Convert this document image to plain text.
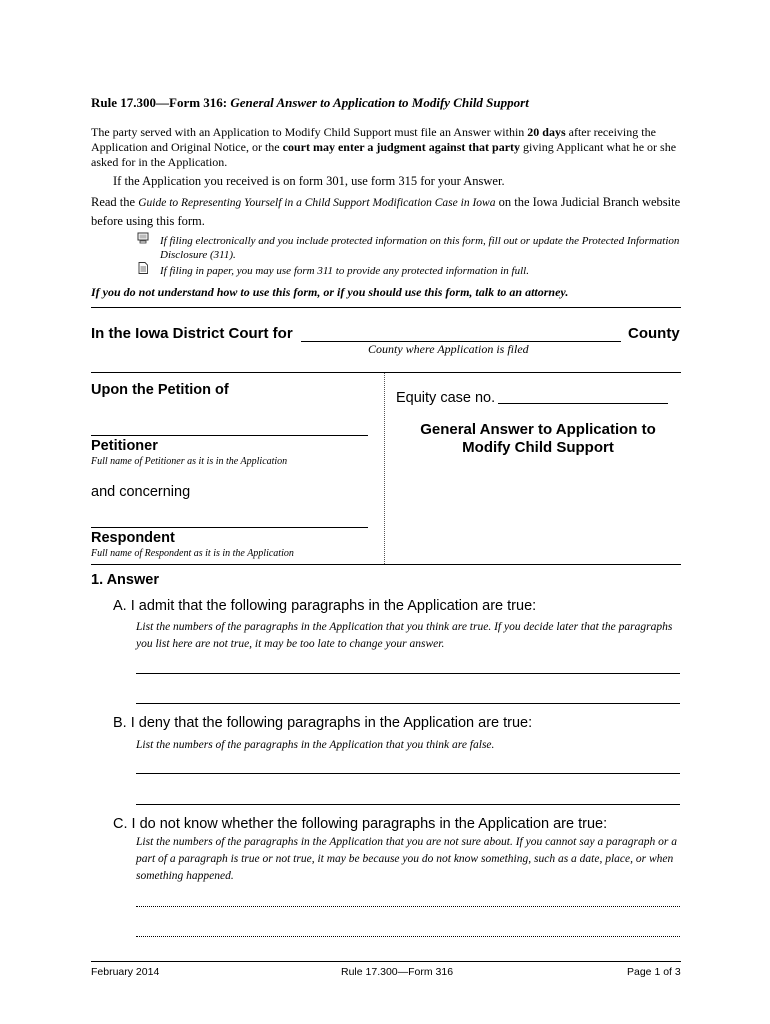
Rule 17.300—Form 316: General Answer to Application to Modify Child Support
The party served with an Application to Modify Child Support must file an Answer within 20 days after receiving the Application and Original Notice, or the court may enter a judgment against that party giving Applicant what he or she asked for in the Application.
If the Application you received is on form 301, use form 315 for your Answer.
Read the Guide to Representing Yourself in a Child Support Modification Case in Iowa on the Iowa Judicial Branch website before using this form.
If filing electronically and you include protected information on this form, fill out or update the Protected Information Disclosure (311).
If filing in paper, you may use form 311 to provide any protected information in full.
If you do not understand how to use this form, or if you should use this form, talk to an attorney.
In the Iowa District Court for	County
County where Application is filed
Upon the Petition of
Petitioner
Full name of Petitioner as it is in the Application
and concerning
Respondent
Full name of Respondent as it is in the Application
Equity case no.
General Answer to Application to
Modify Child Support
1. Answer
A. I admit that the following paragraphs in the Application are true:
List the numbers of the paragraphs in the Application that you think are true. If you decide later that the paragraphs you list here are not true, it may be too late to change your answer.
B. I deny that the following paragraphs in the Application are true:
List the numbers of the paragraphs in the Application that you think are false.
C. I do not know whether the following paragraphs in the Application are true:
List the numbers of the paragraphs in the Application that you are not sure about. If you cannot say a paragraph or a part of a paragraph is true or not true, it may be because you do not know something, such as a date, place, or when something happened.
February 2014	Rule 17.300—Form 316	Page 1 of 3
